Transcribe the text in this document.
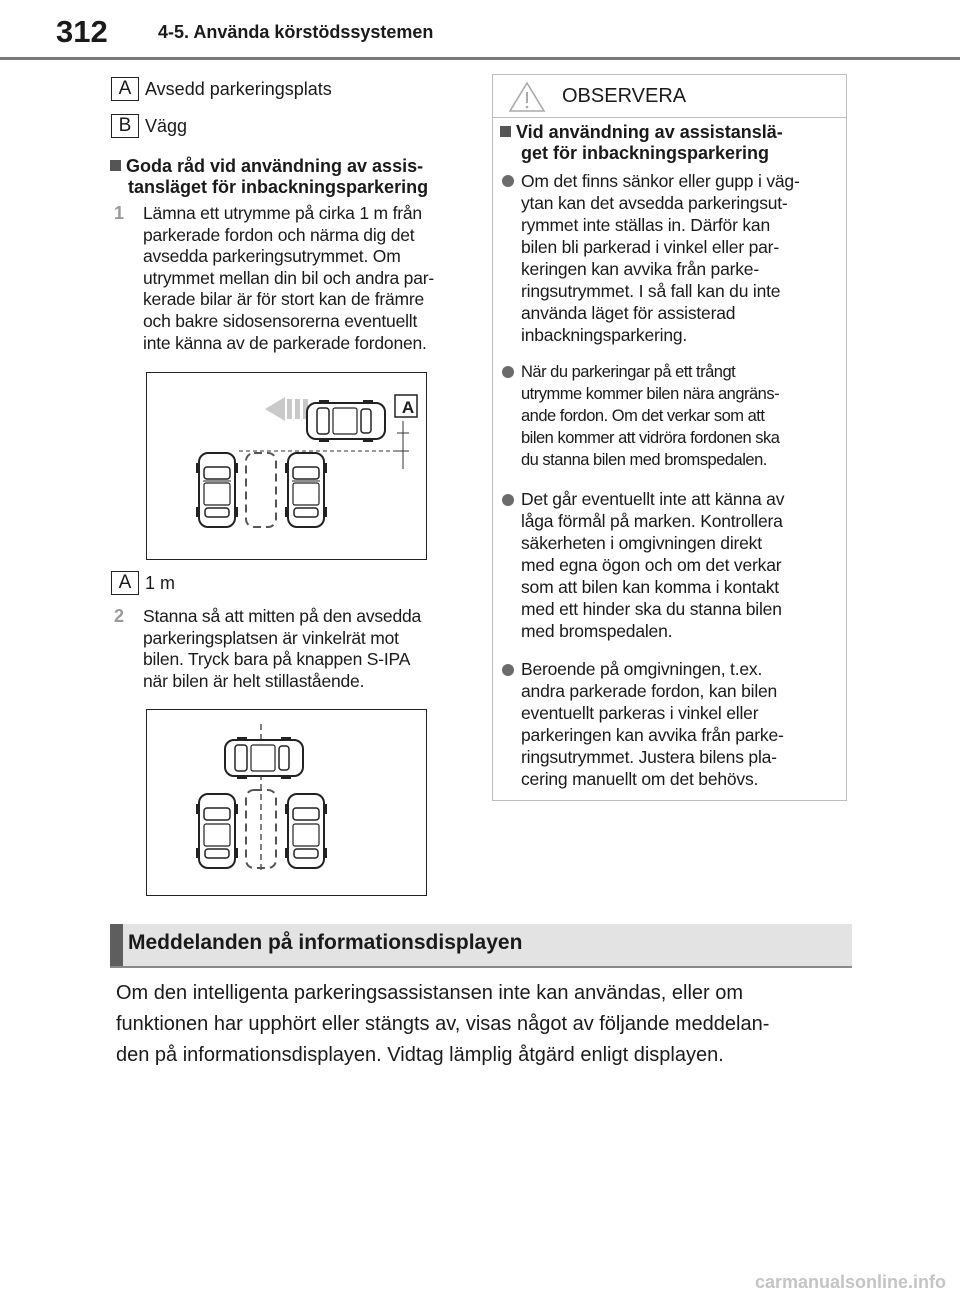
312	4-5. Använda körstödssystemen
A Avsedd parkeringsplats
B Vägg
Goda råd vid användning av assis-
tansläget för inbackningsparkering
1 Lämna ett utrymme på cirka 1 m från
parkerade fordon och närma dig det
avsedda parkeringsutrymmet. Om
utrymmet mellan din bil och andra par-
kerade bilar är för stort kan de främre
och bakre sidosensorerna eventuellt
inte känna av de parkerade fordonen.
A
A 1 m
2 Stanna så att mitten på den avsedda
parkeringsplatsen är vinkelrät mot
bilen. Tryck bara på knappen S-IPA
när bilen är helt stillastående.
OBSERVERA
Vid användning av assistanslä-
get för inbackningsparkering
Om det finns sänkor eller gupp i väg-
ytan kan det avsedda parkeringsut-
rymmet inte ställas in. Därför kan
bilen bli parkerad i vinkel eller par-
keringen kan avvika från parke-
ringsutrymmet. I så fall kan du inte
använda läget för assisterad
inbackningsparkering.
När du parkeringar på ett trångt
utrymme kommer bilen nära angräns-
ande fordon. Om det verkar som att
bilen kommer att vidröra fordonen ska
du stanna bilen med bromspedalen.
Det går eventuellt inte att känna av
låga förmål på marken. Kontrollera
säkerheten i omgivningen direkt
med egna ögon och om det verkar
som att bilen kan komma i kontakt
med ett hinder ska du stanna bilen
med bromspedalen.
Beroende på omgivningen, t.ex.
andra parkerade fordon, kan bilen
eventuellt parkeras i vinkel eller
parkeringen kan avvika från parke-
ringsutrymmet. Justera bilens pla-
cering manuellt om det behövs.
Meddelanden på informationsdisplayen
Om den intelligenta parkeringsassistansen inte kan användas, eller om
funktionen har upphört eller stängts av, visas något av följande meddelan-
den på informationsdisplayen. Vidtag lämplig åtgärd enligt displayen.
carmanualsonline.info
